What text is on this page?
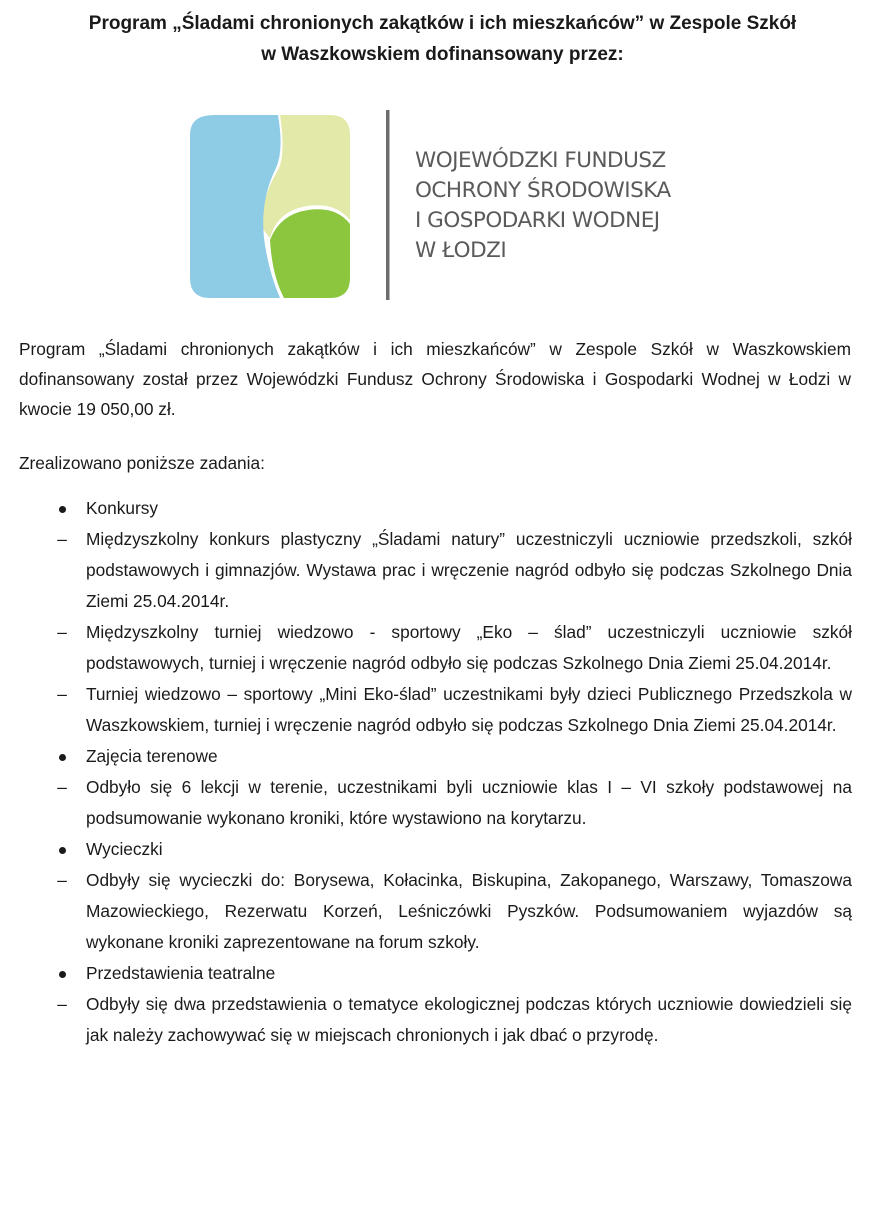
Program „Śladami chronionych zakątków i ich mieszkańców” w Zespole Szkół
w Waszkowskiem dofinansowany przez:
WOJEWÓDZKI FUNDUSZ
OCHRONY ŚRODOWISKA
I GOSPODARKI WODNEJ
W ŁODZI
Program „Śladami chronionych zakątków i ich mieszkańców” w Zespole Szkół w Waszkowskiem dofinansowany został przez Wojewódzki Fundusz Ochrony Środowiska i Gospodarki Wodnej w Łodzi w kwocie 19 050,00 zł.
Zrealizowano poniższe zadania:
Konkursy
– Międzyszkolny konkurs plastyczny „Śladami natury” uczestniczyli uczniowie przedszkoli, szkół podstawowych i gimnazjów. Wystawa prac i wręczenie nagród odbyło się podczas Szkolnego Dnia Ziemi 25.04.2014r.
– Międzyszkolny turniej wiedzowo - sportowy „Eko – ślad” uczestniczyli uczniowie szkół podstawowych, turniej i wręczenie nagród odbyło się podczas Szkolnego Dnia Ziemi 25.04.2014r.
– Turniej wiedzowo – sportowy „Mini Eko-ślad” uczestnikami były dzieci Publicznego Przedszkola w Waszkowskiem, turniej i wręczenie nagród odbyło się podczas Szkolnego Dnia Ziemi 25.04.2014r.
Zajęcia terenowe
– Odbyło się 6 lekcji w terenie, uczestnikami byli uczniowie klas I – VI szkoły podstawowej na podsumowanie wykonano kroniki, które wystawiono na korytarzu.
Wycieczki
– Odbyły się wycieczki do: Borysewa, Kołacinka, Biskupina, Zakopanego, Warszawy, Tomaszowa Mazowieckiego, Rezerwatu Korzeń, Leśniczówki Pyszków. Podsumowaniem wyjazdów są wykonane kroniki zaprezentowane na forum szkoły.
Przedstawienia teatralne
– Odbyły się dwa przedstawienia o tematyce ekologicznej podczas których uczniowie dowiedzieli się jak należy zachowywać się w miejscach chronionych i jak dbać o przyrodę.
